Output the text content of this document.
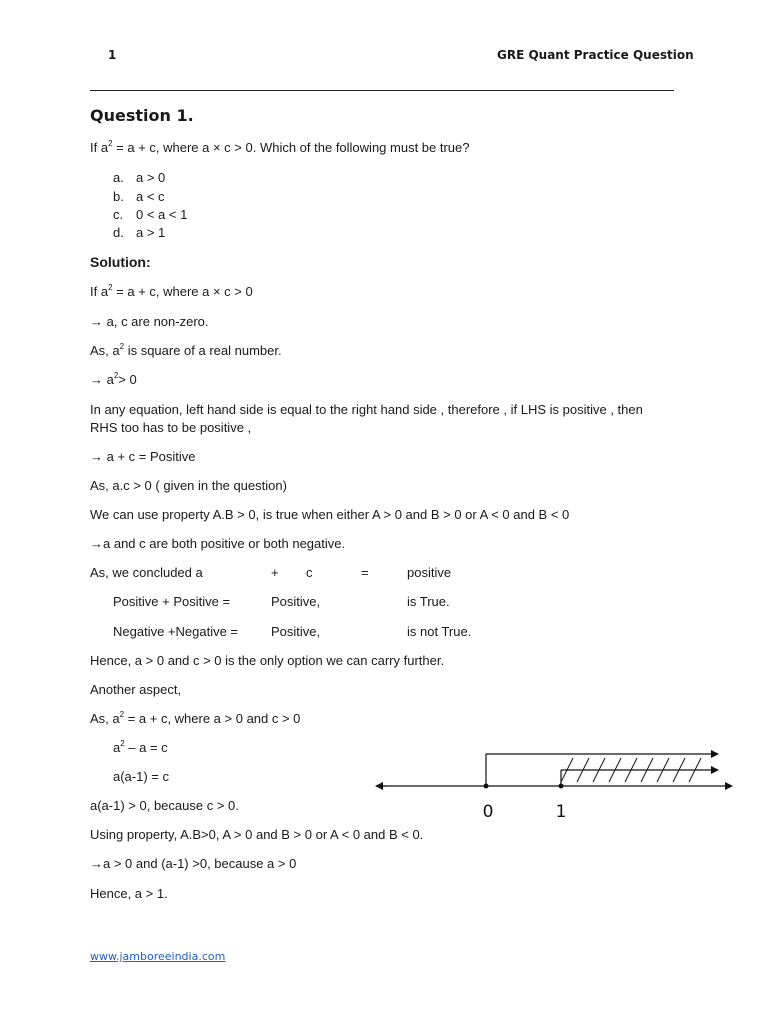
1	GRE Quant Practice Question
Question 1.
If $a^2 = a + c$, where a × c > 0. Which of the following must be true?
a. a > 0
b. a < c
c. 0 < a < 1
d. a > 1
Solution:
If $a^2 = a + c$, where a × c > 0
→ a, c are non-zero.
As, $a^2$ is square of a real number.
→ $a^2> 0$
In any equation, left hand side is equal to the right hand side , therefore , if LHS is positive , then
RHS too has to be positive ,
→ a + c = Positive
As, a.c > 0 ( given in the question)
We can use property A.B > 0, is true when either A > 0 and B > 0 or A < 0 and B < 0
→a and c are both positive or both negative.
As, we concluded a	+ c	=	positive
Positive + Positive =	Positive,	is True.
Negative +Negative =	Positive,	is not True.
Hence, a > 0 and c > 0 is the only option we can carry further.
Another aspect,
As, $a^2 = a + c$, where a > 0 and c > 0
$a^2 - a = c$
a(a-1) = c
a(a-1) > 0, because c > 0.
Using property, A.B>0, A > 0 and B > 0 or A < 0 and B < 0.
→a > 0 and (a-1) >0, because a > 0
Hence, a > 1.
0	1
www.jamboreeindia.com
